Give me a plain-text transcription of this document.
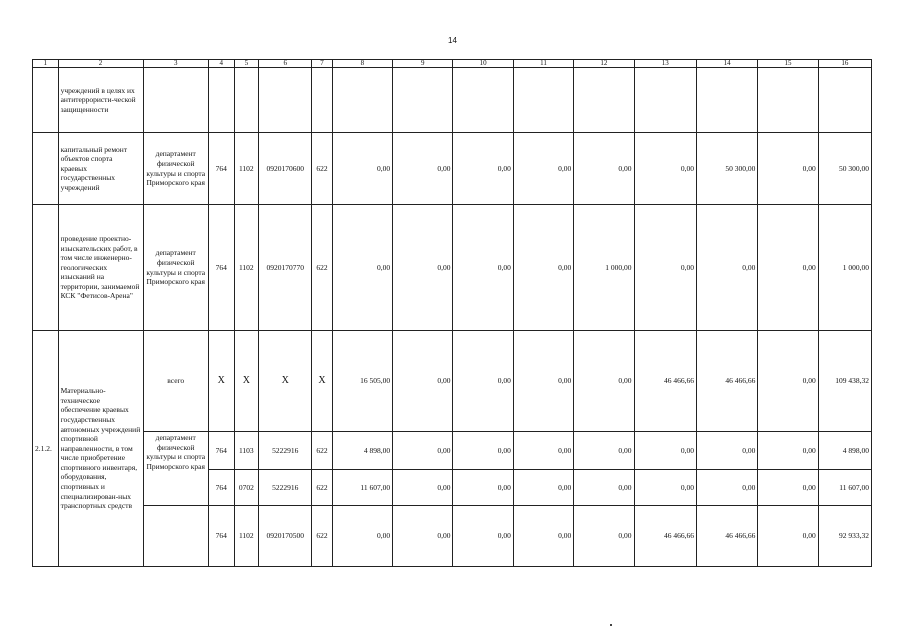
14
1	2	3	4	5	6	7	8	9	10	11	12	13	14	15	16
	учреждений в целях их антитеррористи-ческой защищенности														
	капитальный ремонт объектов спорта краевых государственных учреждений	департамент физической культуры и спорта Приморского края	764	1102	0920170600	622	0,00	0,00	0,00	0,00	0,00	0,00	50 300,00	0,00	50 300,00
	проведение проектно-изыскательских работ, в том числе инженерно-геологических изысканий на территории, занимаемой КСК "Фетисов-Арена"	департамент физической культуры и спорта Приморского края	764	1102	0920170770	622	0,00	0,00	0,00	0,00	1 000,00	0,00	0,00	0,00	1 000,00
2.1.2.	Материально-техническое обеспечение краевых государственных автономных учреждений спортивной направленности, в том числе приобретение спортивного инвентаря, оборудования, спортивных и специализирован-ных транспортных средств	всего	Х	Х	Х	Х	16 505,00	0,00	0,00	0,00	0,00	46 466,66	46 466,66	0,00	109 438,32
		департамент физической культуры и спорта Приморского края	764	1103	5222916	622	4 898,00	0,00	0,00	0,00	0,00	0,00	0,00	0,00	4 898,00
			764	0702	5222916	622	11 607,00	0,00	0,00	0,00	0,00	0,00	0,00	0,00	11 607,00
			764	1102	0920170500	622	0,00	0,00	0,00	0,00	0,00	46 466,66	46 466,66	0,00	92 933,32
